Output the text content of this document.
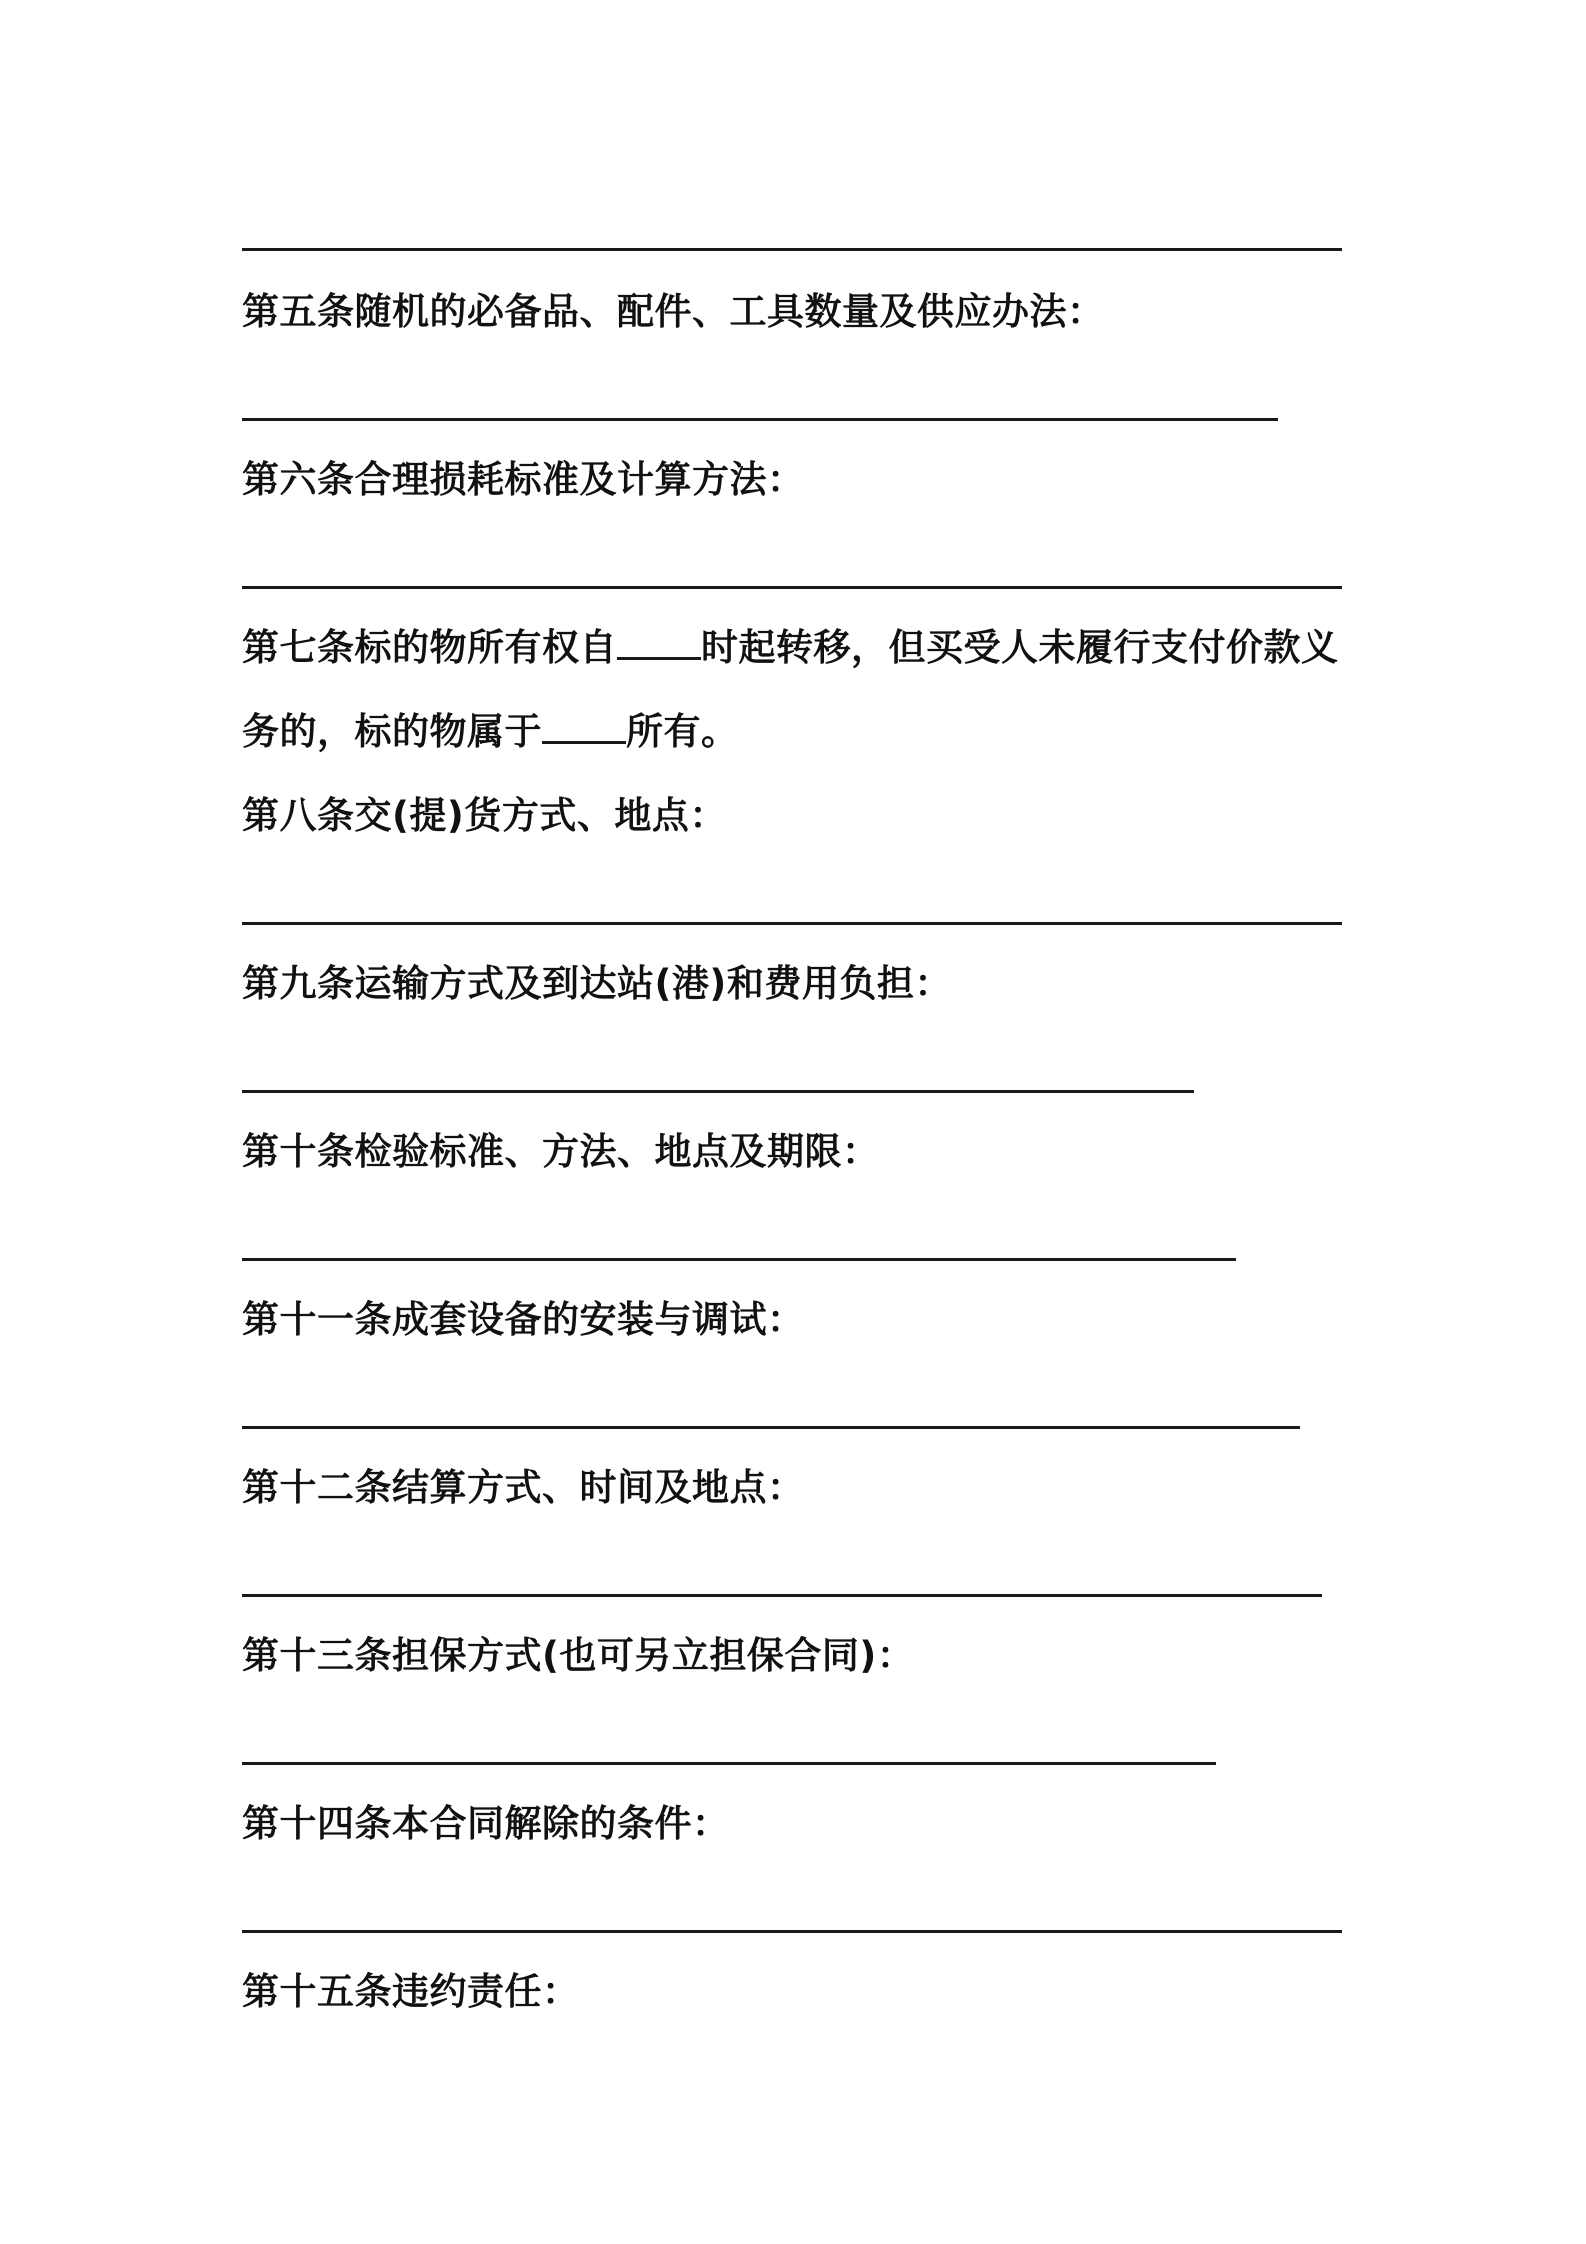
第五条随机的必备品、配件、工具数量及供应办法：
第六条合理损耗标准及计算方法：
第七条标的物所有权自 时起转移，但买受人未履行支付价款义
务的，标的物属于 所有。
第八条交(提)货方式、地点：
第九条运输方式及到达站(港)和费用负担：
第十条检验标准、方法、地点及期限：
第十一条成套设备的安装与调试：
第十二条结算方式、时间及地点：
第十三条担保方式(也可另立担保合同)：
第十四条本合同解除的条件：
第十五条违约责任：
